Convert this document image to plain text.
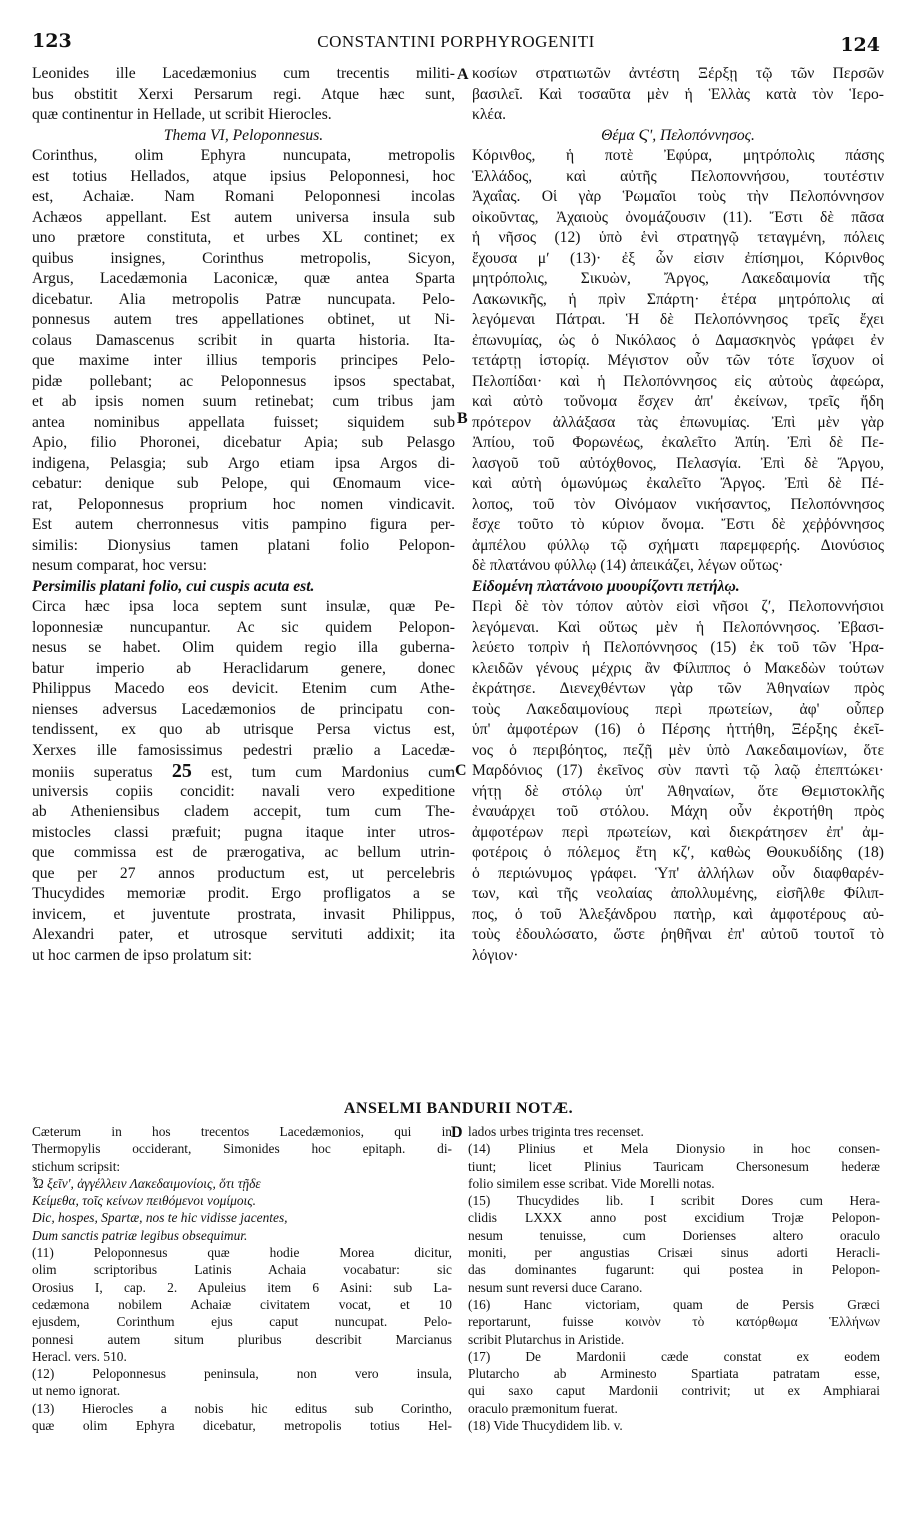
123	CONSTANTINI PORPHYROGENITI	124
Leonides ille Lacedæmonius cum trecentis militi-
bus obstitit Xerxi Persarum regi. Atque hæc sunt,
quæ continentur in Hellade, ut scribit Hierocles.
Thema VI, Peloponnesus.
Corinthus, olim Ephyra nuncupata, metropolis
est totius Hellados, atque ipsius Peloponnesi, hoc
est, Achaiæ. Nam Romani Peloponnesi incolas
Achæos appellant. Est autem universa insula sub
uno prætore constituta, et urbes XL continet; ex
quibus insignes, Corinthus metropolis, Sicyon,
Argus, Lacedæmonia Laconicæ, quæ antea Sparta
dicebatur. Alia metropolis Patræ nuncupata. Pelo-
ponnesus autem tres appellationes obtinet, ut Ni-
colaus Damascenus scribit in quarta historia. Ita-
que maxime inter illius temporis principes Pelo-
pidæ pollebant; ac Peloponnesus ipsos spectabat,
et ab ipsis nomen suum retinebat; cum tribus jam
antea nominibus appellata fuisset; siquidem sub
Apio, filio Phoronei, dicebatur Apia; sub Pelasgo
indigena, Pelasgia; sub Argo etiam ipsa Argos di-
cebatur: denique sub Pelope, qui Œnomaum vice-
rat, Peloponnesus proprium hoc nomen vindicavit.
Est autem cherronnesus vitis pampino figura per-
similis: Dionysius tamen platani folio Pelopon-
nesum comparat, hoc versu:
Persimilis platani folio, cui cuspis acuta est.
Circa hæc ipsa loca septem sunt insulæ, quæ Pe-
loponnesiæ nuncupantur. Ac sic quidem Pelopon-
nesus se habet. Olim quidem regio illa guberna-
batur imperio ab Heraclidarum genere, donec
Philippus Macedo eos devicit. Etenim cum Athe-
nienses adversus Lacedæmonios de principatu con-
tendissent, ex quo ab utrisque Persa victus est,
Xerxes ille famosissimus pedestri prælio a Lacedæ-
moniis superatus 25 est, tum cum Mardonius cum
universis copiis concidit: navali vero expeditione
ab Atheniensibus cladem accepit, tum cum The-
mistocles classi præfuit; pugna itaque inter utros-
que commissa est de prærogativa, ac bellum utrin-
que per 27 annos productum est, ut percelebris
Thucydides memoriæ prodit. Ergo profligatos a se
invicem, et juventute prostrata, invasit Philippus,
Alexandri pater, et utrosque servituti addixit; ita
ut hoc carmen de ipso prolatum sit:
κοσίων στρατιωτῶν ἀντέστη Ξέρξῃ τῷ τῶν Περσῶν
βασιλεῖ. Καὶ τοσαῦτα μὲν ἡ Ἑλλὰς κατὰ τὸν Ἱερο-
κλέα.
Θέμα Ϛʹ, Πελοπόννησος.
Κόρινθος, ἡ ποτὲ Ἐφύρα, μητρόπολις πάσης
Ἑλλάδος, καὶ αὐτῆς Πελοποννήσου, τουτέστιν
Ἀχαΐας. Οἱ γὰρ Ῥωμαῖοι τοὺς τὴν Πελοπόννησον
οἰκοῦντας, Ἀχαιοὺς ὀνομάζουσιν (11). Ἔστι δὲ πᾶσα
ἡ νῆσος (12) ὑπὸ ἑνὶ στρατηγῷ τεταγμένη, πόλεις
ἔχουσα μʹ (13)· ἐξ ὧν εἰσιν ἐπίσημοι, Κόρινθος
μητρόπολις, Σικυὼν, Ἄργος, Λακεδαιμονία τῆς
Λακωνικῆς, ἡ πρὶν Σπάρτη· ἑτέρα μητρόπολις αἱ
λεγόμεναι Πάτραι. Ἡ δὲ Πελοπόννησος τρεῖς ἔχει
ἐπωνυμίας, ὡς ὁ Νικόλαος ὁ Δαμασκηνὸς γράφει ἐν
τετάρτῃ ἱστορίᾳ. Μέγιστον οὖν τῶν τότε ἴσχυον οἱ
Πελοπίδαι· καὶ ἡ Πελοπόννησος εἰς αὐτοὺς ἀφεώρα,
καὶ αὐτὸ τοὔνομα ἔσχεν ἀπ' ἐκείνων, τρεῖς ἤδη
πρότερον ἀλλάξασα τὰς ἐπωνυμίας. Ἐπὶ μὲν γὰρ
Ἀπίου, τοῦ Φορωνέως, ἐκαλεῖτο Ἀπίη. Ἐπὶ δὲ Πε-
λασγοῦ τοῦ αὐτόχθονος, Πελασγία. Ἐπὶ δὲ Ἄργου,
καὶ αὐτὴ ὁμωνύμως ἐκαλεῖτο Ἄργος. Ἐπὶ δὲ Πέ-
λοπος, τοῦ τὸν Οἰνόμαον νικήσαντος, Πελοπόννησος
ἔσχε τοῦτο τὸ κύριον ὄνομα. Ἔστι δὲ χεῤῥόννησος
ἀμπέλου φύλλῳ τῷ σχήματι παρεμφερής. Διονύσιος
δὲ πλατάνου φύλλῳ (14) ἀπεικάζει, λέγων οὕτως·
Εἰδομένη πλατάνοιο μυουρίζοντι πετήλῳ.
Περὶ δὲ τὸν τόπον αὐτὸν εἰσὶ νῆσοι ζʹ, Πελοποννήσιοι
λεγόμεναι. Καὶ οὕτως μὲν ἡ Πελοπόννησος. Ἐβασι-
λεύετο τοπρὶν ἡ Πελοπόννησος (15) ἐκ τοῦ τῶν Ἡρα-
κλειδῶν γένους μέχρις ἂν Φίλιππος ὁ Μακεδὼν τούτων
ἐκράτησε. Διενεχθέντων γὰρ τῶν Ἀθηναίων πρὸς
τοὺς Λακεδαιμονίους περὶ πρωτείων, ἀφ' οὗπερ
ὑπ' ἀμφοτέρων (16) ὁ Πέρσης ἡττήθη, Ξέρξης ἐκεῖ-
νος ὁ περιβόητος, πεζῇ μὲν ὑπὸ Λακεδαιμονίων, ὅτε
Μαρδόνιος (17) ἐκεῖνος σὺν παντὶ τῷ λαῷ ἐπεπτώκει·
νήτῃ δὲ στόλῳ ὑπ' Ἀθηναίων, ὅτε Θεμιστοκλῆς
ἐναυάρχει τοῦ στόλου. Μάχη οὖν ἐκροτήθη πρὸς
ἀμφοτέρων περὶ πρωτείων, καὶ διεκράτησεν ἐπ' ἀμ-
φοτέροις ὁ πόλεμος ἔτη κζʹ, καθὼς Θουκυδίδης (18)
ὁ περιώνυμος γράφει. Ὑπ' ἀλλήλων οὖν διαφθαρέν-
των, καὶ τῆς νεολαίας ἀπολλυμένης, εἰσῆλθε Φίλιπ-
πος, ὁ τοῦ Ἀλεξάνδρου πατὴρ, καὶ ἀμφοτέρους αὐ-
τοὺς ἐδουλώσατο, ὥστε ῥηθῆναι ἐπ' αὐτοῦ τουτοῖ τὸ
λόγιον·
A
B
C
D
ANSELMI BANDURII NOTÆ.
Cæterum in hos trecentos Lacedæmonios, qui in
Thermopylis occiderant, Simonides hoc epitaph. di-
stichum scripsit:
Ὦ ξεῖν', ἀγγέλλειν Λακεδαιμονίοις, ὅτι τῇδε
Κείμεθα, τοῖς κείνων πειθόμενοι νομίμοις.
Dic, hospes, Spartæ, nos te hic vidisse jacentes,
Dum sanctis patriæ legibus obsequimur.
(11) Peloponnesus quæ hodie Morea dicitur,
olim scriptoribus Latinis Achaia vocabatur: sic
Orosius I, cap. 2. Apuleius item 6 Asini: sub La-
cedæmona nobilem Achaiæ civitatem vocat, et 10
ejusdem, Corinthum ejus caput nuncupat. Pelo-
ponnesi autem situm pluribus describit Marcianus
Heracl. vers. 510.
(12) Peloponnesus peninsula, non vero insula,
ut nemo ignorat.
(13) Hierocles a nobis hic editus sub Corintho,
quæ olim Ephyra dicebatur, metropolis totius Hel-
lados urbes triginta tres recenset.
(14) Plinius et Mela Dionysio in hoc consen-
tiunt; licet Plinius Tauricam Chersonesum hederæ
folio similem esse scribat. Vide Morelli notas.
(15) Thucydides lib. I scribit Dores cum Hera-
clidis LXXX anno post excidium Trojæ Pelopon-
nesum tenuisse, cum Dorienses altero oraculo
moniti, per angustias Crisæi sinus adorti Heracli-
das dominantes fugarunt: qui postea in Pelopon-
nesum sunt reversi duce Carano.
(16) Hanc victoriam, quam de Persis Græci
reportarunt, fuisse κοινὸν τὸ κατόρθωμα Ἑλλήνων
scribit Plutarchus in Aristide.
(17) De Mardonii cæde constat ex eodem
Plutarcho ab Arminesto Spartiata patratam esse,
qui saxo caput Mardonii contrivit; ut ex Amphiarai
oraculo præmonitum fuerat.
(18) Vide Thucydidem lib. v.
